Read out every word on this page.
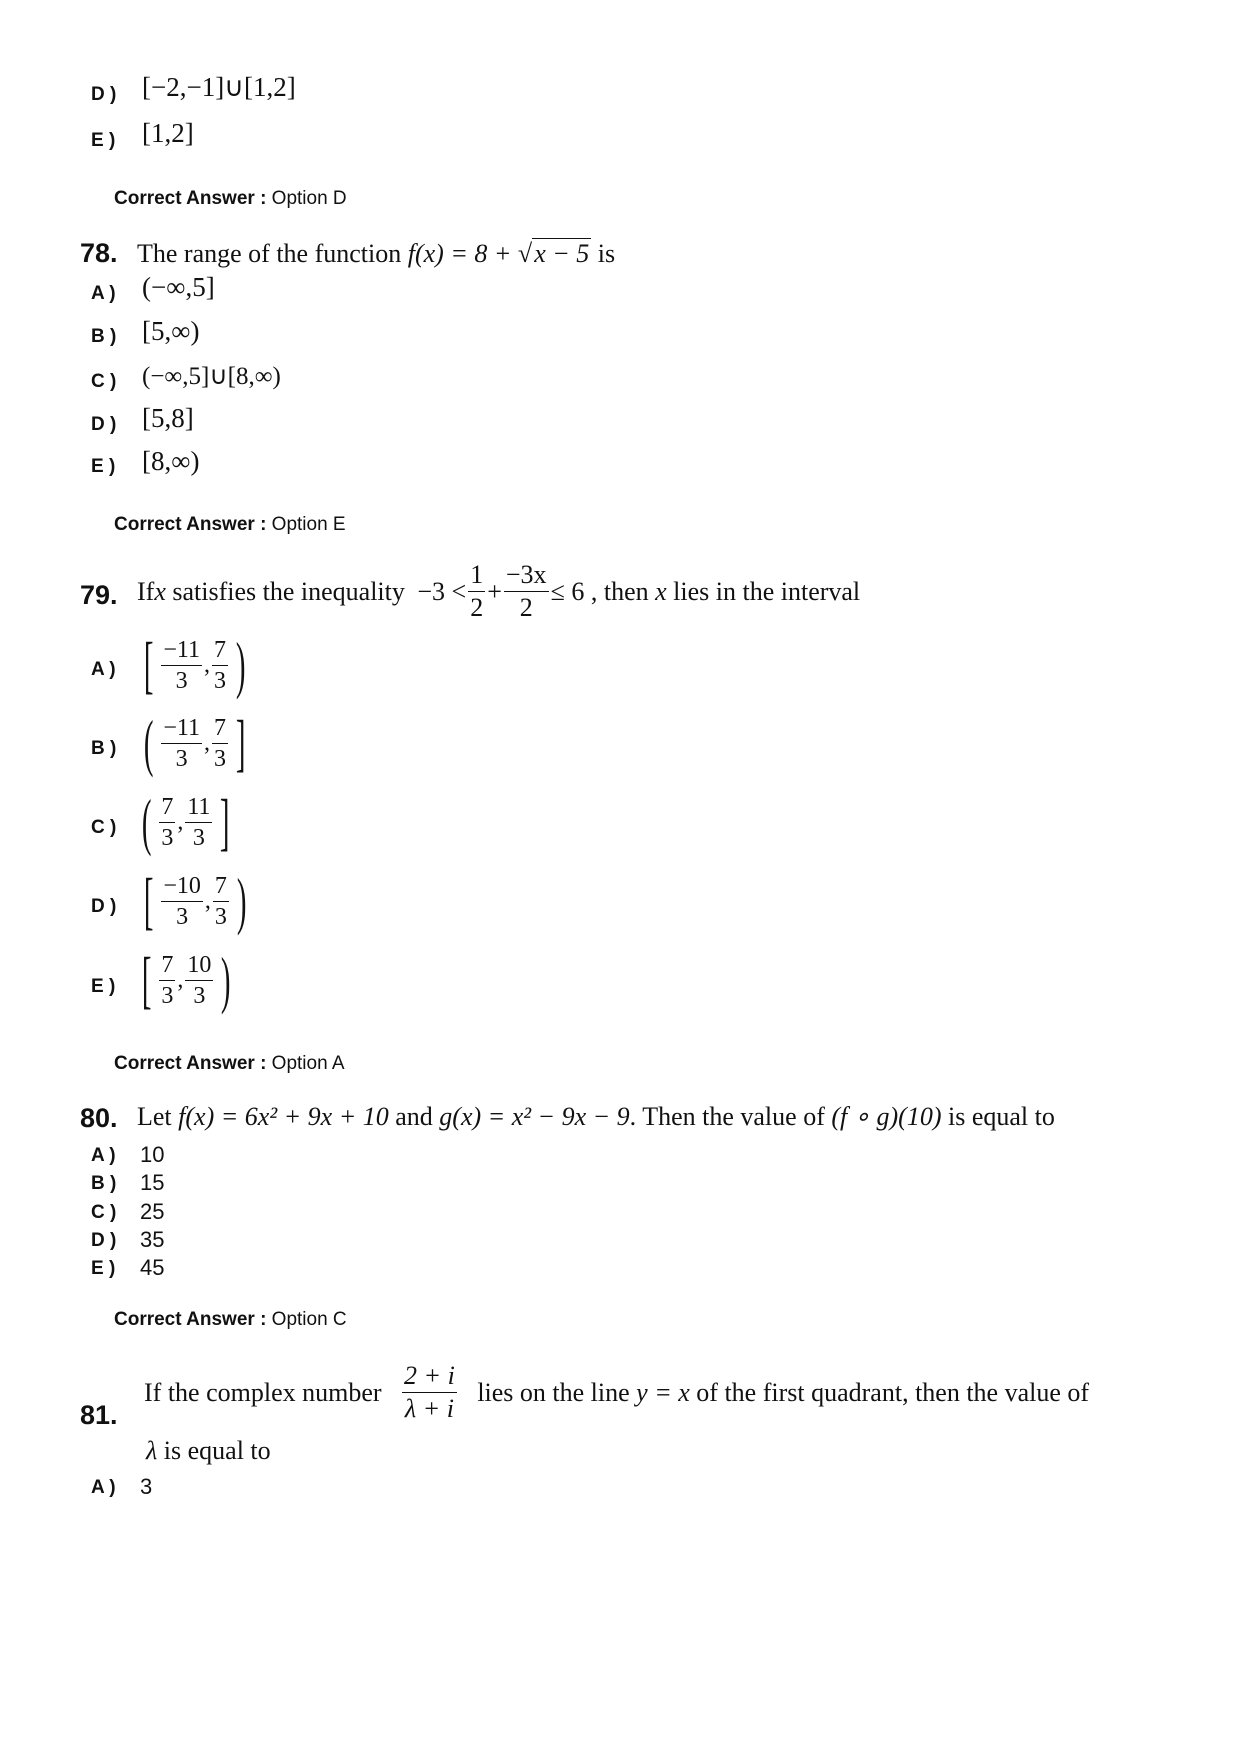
D ) [−2,−1]∪[1,2]
E ) [1,2]
Correct Answer : Option D
78. The range of the function f(x) = 8 + √x − 5 is
A ) (−∞,5]
B ) [5,∞)
C ) (−∞,5]∪[8,∞)
D ) [5,8]
E ) [8,∞)
Correct Answer : Option E
79. If x satisfies the inequality $-3 < \frac{1}{2} + \frac{-3x}{2} \le 6$ , then x lies in the interval
A ) [ $\frac{-11}{3}$ , $\frac{7}{3}$ )
B ) ( $\frac{-11}{3}$ , $\frac{7}{3}$ ]
C ) ( $\frac{7}{3}$ , $\frac{11}{3}$ ]
D ) [ $\frac{-10}{3}$ , $\frac{7}{3}$ )
E ) [ $\frac{7}{3}$ , $\frac{10}{3}$ )
Correct Answer : Option A
80. Let f(x) = 6x² + 9x + 10 and g(x) = x² − 9x − 9. Then the value of (f ∘ g)(10) is equal to
A ) 10
B ) 15
C ) 25
D ) 35
E ) 45
Correct Answer : Option C
81.
If the complex number $\frac{2 + i}{\lambda + i}$ lies on the line y = x of the first quadrant, then the value of
λ is equal to
A ) 3
